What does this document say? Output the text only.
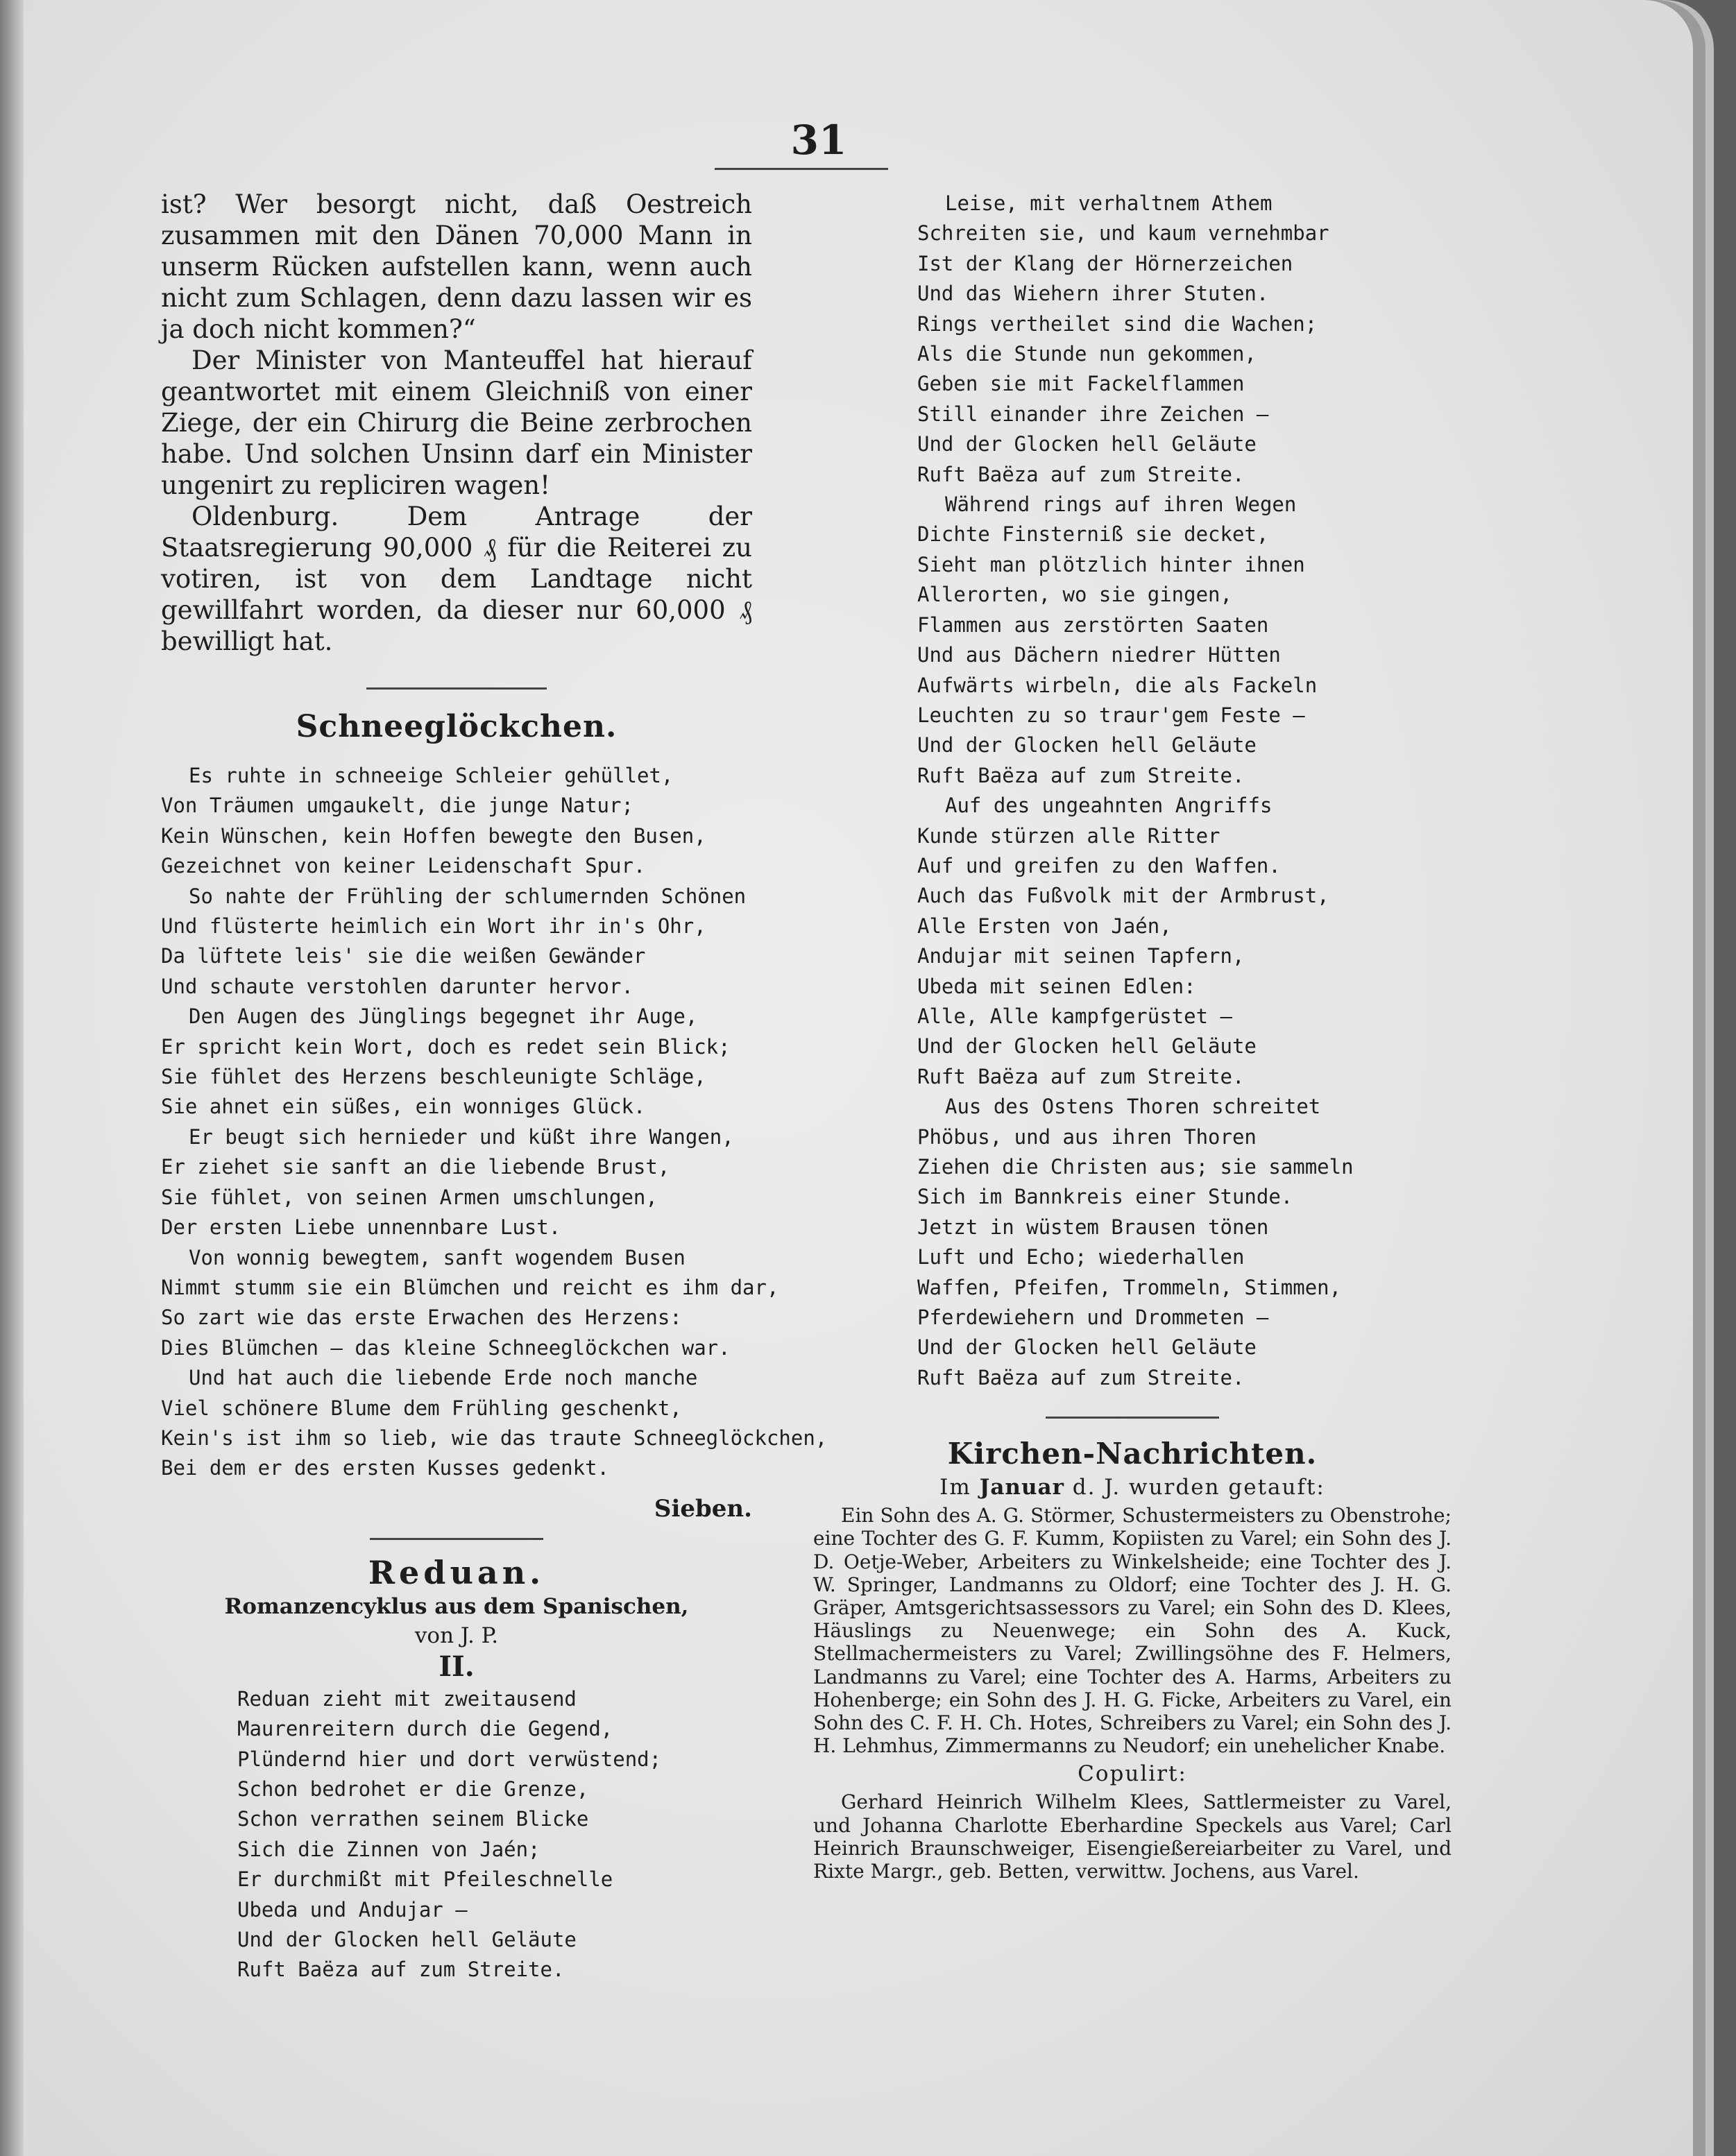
31

ist? Wer besorgt nicht, daß Oestreich zusammen mit den Dänen 70,000 Mann in unserm Rücken aufstellen kann, wenn auch nicht zum Schlagen, denn dazu lassen wir es ja doch nicht kommen?“

Der Minister von Manteuffel hat hierauf geantwortet mit einem Gleichniß von einer Ziege, der ein Chirurg die Beine zerbrochen habe. Und solchen Unsinn darf ein Minister ungenirt zu repliciren wagen!

Oldenburg. Dem Antrage der Staatsregierung 90,000 ₰ für die Reiterei zu votiren, ist von dem Landtage nicht gewillfahrt worden, da dieser nur 60,000 ₰ bewilligt hat.

Schneeglöckchen.
Es ruhte in schneeige Schleier gehüllet,
Von Träumen umgaukelt, die junge Natur;
Kein Wünschen, kein Hoffen bewegte den Busen,
Gezeichnet von keiner Leidenschaft Spur.
So nahte der Frühling der schlumernden Schönen
Und flüsterte heimlich ein Wort ihr in's Ohr,
Da lüftete leis' sie die weißen Gewänder
Und schaute verstohlen darunter hervor.
Den Augen des Jünglings begegnet ihr Auge,
Er spricht kein Wort, doch es redet sein Blick;
Sie fühlet des Herzens beschleunigte Schläge,
Sie ahnet ein süßes, ein wonniges Glück.
Er beugt sich hernieder und küßt ihre Wangen,
Er ziehet sie sanft an die liebende Brust,
Sie fühlet, von seinen Armen umschlungen,
Der ersten Liebe unnennbare Lust.
Von wonnig bewegtem, sanft wogendem Busen
Nimmt stumm sie ein Blümchen und reicht es ihm dar,
So zart wie das erste Erwachen des Herzens:
Dies Blümchen — das kleine Schneeglöckchen war.
Und hat auch die liebende Erde noch manche
Viel schönere Blume dem Frühling geschenkt,
Kein's ist ihm so lieb, wie das traute Schneeglöckchen,
Bei dem er des ersten Kusses gedenkt.
Sieben.
Reduan.
Romanzencyklus aus dem Spanischen,
von J. P.
II.
Reduan zieht mit zweitausend
Maurenreitern durch die Gegend,
Plündernd hier und dort verwüstend;
Schon bedrohet er die Grenze,
Schon verrathen seinem Blicke
Sich die Zinnen von Jaén;
Er durchmißt mit Pfeileschnelle
Ubeda und Andujar —
Und der Glocken hell Geläute
Ruft Baëza auf zum Streite.
Leise, mit verhaltnem Athem
Schreiten sie, und kaum vernehmbar
Ist der Klang der Hörnerzeichen
Und das Wiehern ihrer Stuten.
Rings vertheilet sind die Wachen;
Als die Stunde nun gekommen,
Geben sie mit Fackelflammen
Still einander ihre Zeichen —
Und der Glocken hell Geläute
Ruft Baëza auf zum Streite.
Während rings auf ihren Wegen
Dichte Finsterniß sie decket,
Sieht man plötzlich hinter ihnen
Allerorten, wo sie gingen,
Flammen aus zerstörten Saaten
Und aus Dächern niedrer Hütten
Aufwärts wirbeln, die als Fackeln
Leuchten zu so traur'gem Feste —
Und der Glocken hell Geläute
Ruft Baëza auf zum Streite.
Auf des ungeahnten Angriffs
Kunde stürzen alle Ritter
Auf und greifen zu den Waffen.
Auch das Fußvolk mit der Armbrust,
Alle Ersten von Jaén,
Andujar mit seinen Tapfern,
Ubeda mit seinen Edlen:
Alle, Alle kampfgerüstet —
Und der Glocken hell Geläute
Ruft Baëza auf zum Streite.
Aus des Ostens Thoren schreitet
Phöbus, und aus ihren Thoren
Ziehen die Christen aus; sie sammeln
Sich im Bannkreis einer Stunde.
Jetzt in wüstem Brausen tönen
Luft und Echo; wiederhallen
Waffen, Pfeifen, Trommeln, Stimmen,
Pferdewiehern und Drommeten —
Und der Glocken hell Geläute
Ruft Baëza auf zum Streite.
Kirchen-Nachrichten.
Im Januar d. J. wurden getauft:

Ein Sohn des A. G. Störmer, Schustermeisters zu Obenstrohe; eine Tochter des G. F. Kumm, Kopiisten zu Varel; ein Sohn des J. D. Oetje-Weber, Arbeiters zu Winkelsheide; eine Tochter des J. W. Springer, Landmanns zu Oldorf; eine Tochter des J. H. G. Gräper, Amtsgerichtsassessors zu Varel; ein Sohn des D. Klees, Häuslings zu Neuenwege; ein Sohn des A. Kuck, Stellmachermeisters zu Varel; Zwillingsöhne des F. Helmers, Landmanns zu Varel; eine Tochter des A. Harms, Arbeiters zu Hohenberge; ein Sohn des J. H. G. Ficke, Arbeiters zu Varel, ein Sohn des C. F. H. Ch. Hotes, Schreibers zu Varel; ein Sohn des J. H. Lehmhus, Zimmermanns zu Neudorf; ein unehelicher Knabe.

Copulirt:

Gerhard Heinrich Wilhelm Klees, Sattlermeister zu Varel, und Johanna Charlotte Eberhardine Speckels aus Varel; Carl Heinrich Braunschweiger, Eisengießereiarbeiter zu Varel, und Rixte Margr., geb. Betten, verwittw. Jochens, aus Varel.
